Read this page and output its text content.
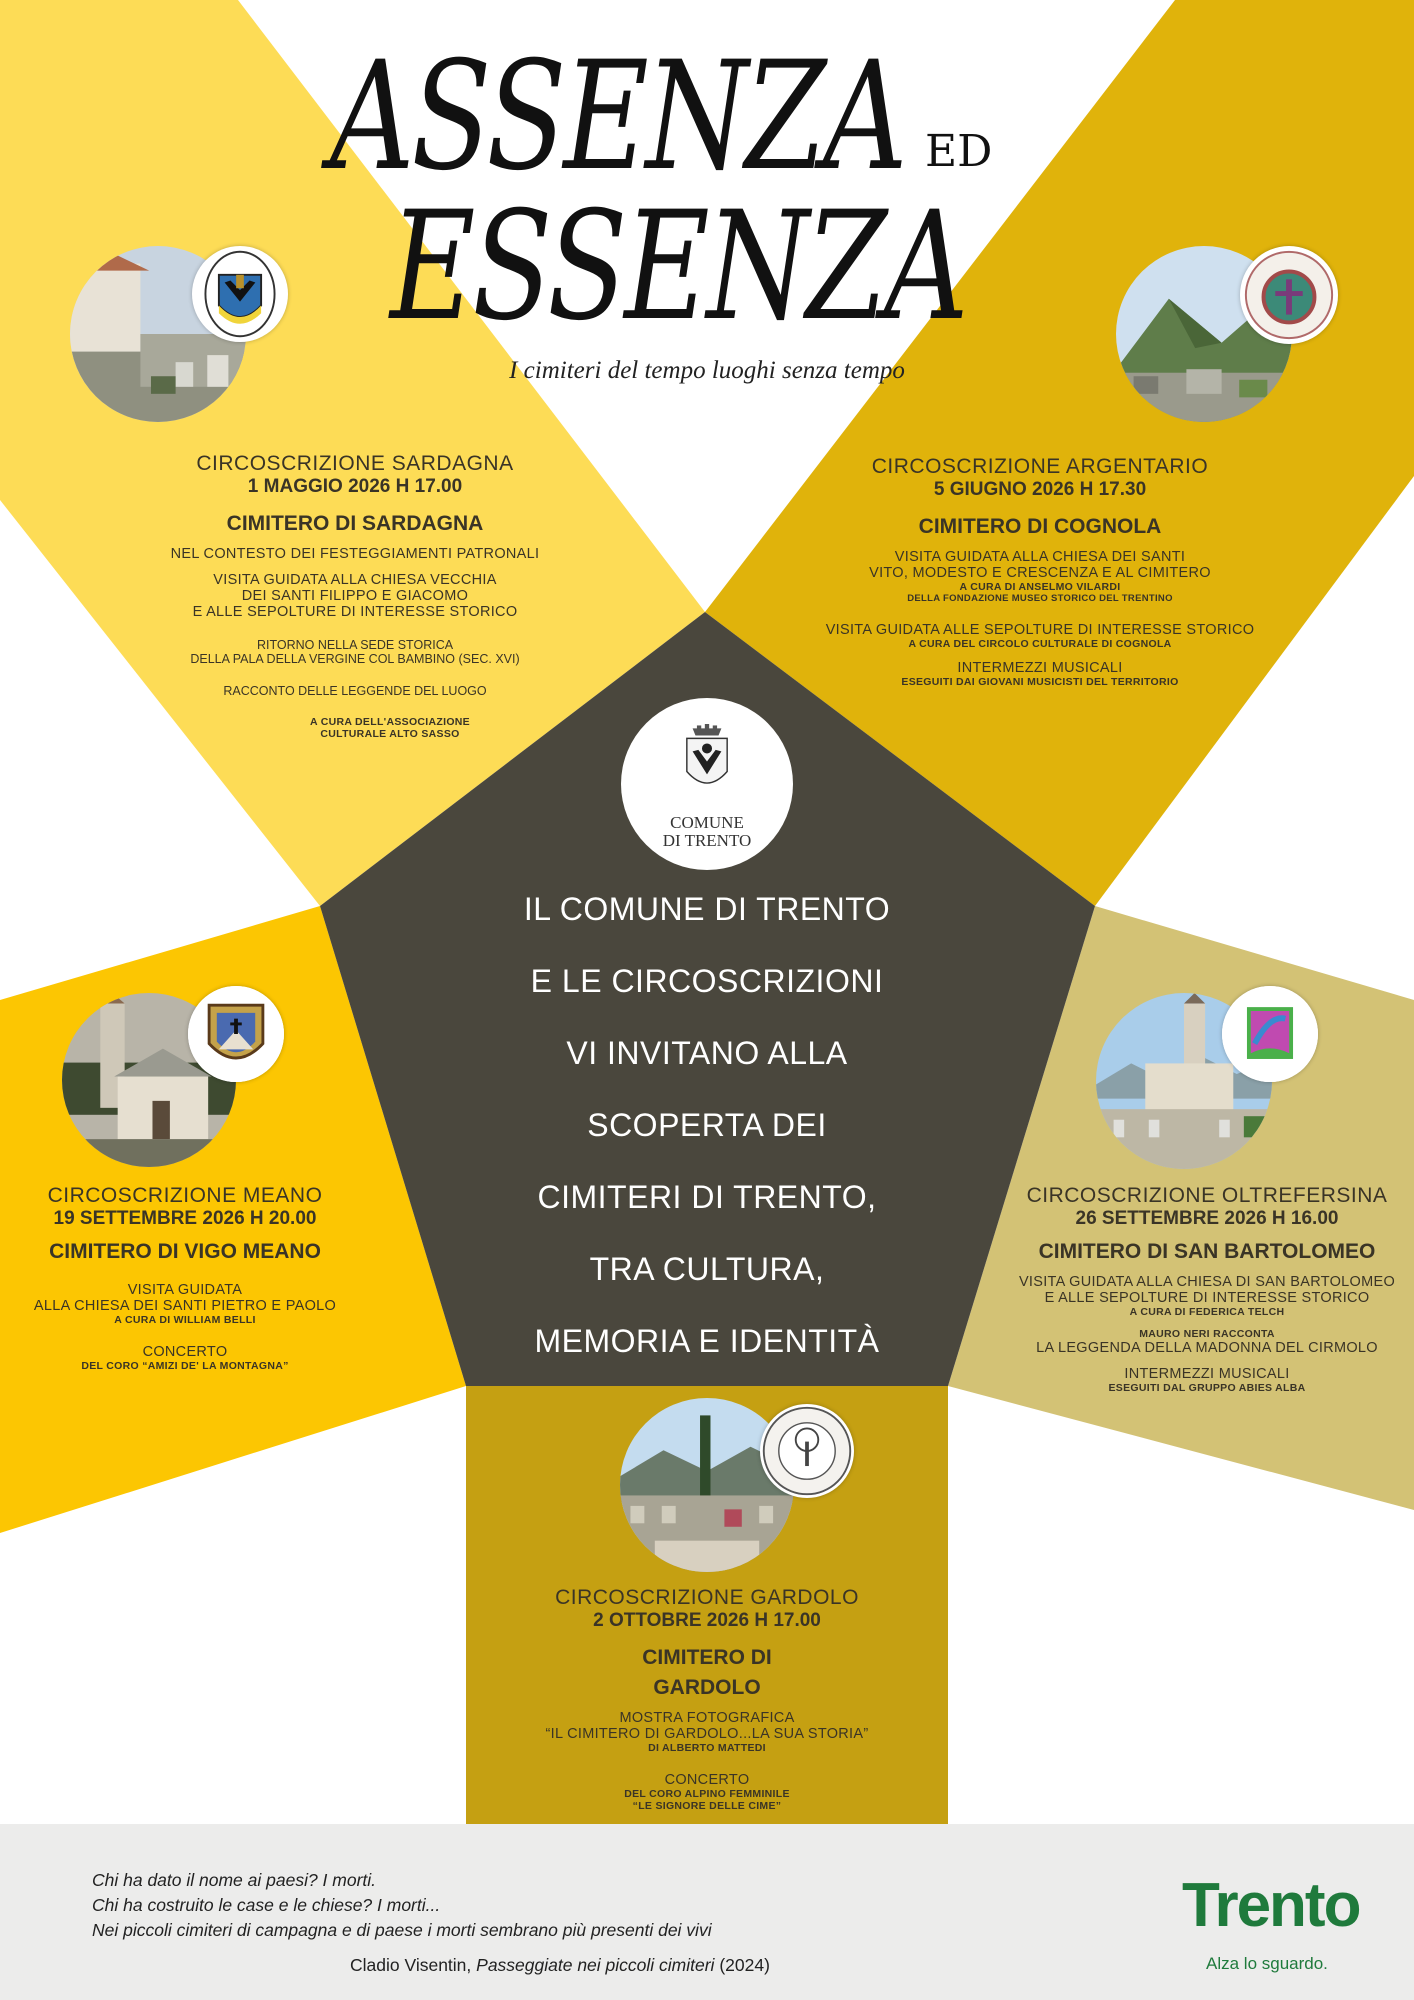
ASSENZA ED
ESSENZA
I cimiteri del tempo luoghi senza tempo
CIRCOSCRIZIONE SARDAGNA
1 MAGGIO 2026 H 17.00
CIMITERO DI SARDAGNA
NEL CONTESTO DEI FESTEGGIAMENTI PATRONALI
VISITA GUIDATA ALLA CHIESA VECCHIA
DEI SANTI FILIPPO E GIACOMO
E ALLE SEPOLTURE DI INTERESSE STORICO
RITORNO NELLA SEDE STORICA
DELLA PALA DELLA VERGINE COL BAMBINO (SEC. XVI)
RACCONTO DELLE LEGGENDE DEL LUOGO
A CURA DELL'ASSOCIAZIONE
CULTURALE ALTO SASSO
CIRCOSCRIZIONE ARGENTARIO
5 GIUGNO 2026 H 17.30
CIMITERO DI COGNOLA
VISITA GUIDATA ALLA CHIESA DEI SANTI
VITO, MODESTO E CRESCENZA E AL CIMITERO
A CURA DI ANSELMO VILARDI
DELLA FONDAZIONE MUSEO STORICO DEL TRENTINO
VISITA GUIDATA ALLE SEPOLTURE DI INTERESSE STORICO
A CURA DEL CIRCOLO CULTURALE DI COGNOLA
INTERMEZZI MUSICALI
ESEGUITI DAI GIOVANI MUSICISTI DEL TERRITORIO
COMUNE
DI TRENTO
IL COMUNE DI TRENTO
E LE CIRCOSCRIZIONI
VI INVITANO ALLA
SCOPERTA DEI
CIMITERI DI TRENTO,
TRA CULTURA,
MEMORIA E IDENTITÀ
CIRCOSCRIZIONE MEANO
19 SETTEMBRE 2026 H 20.00
CIMITERO DI VIGO MEANO
VISITA GUIDATA
ALLA CHIESA DEI SANTI PIETRO E PAOLO
A CURA DI WILLIAM BELLI
CONCERTO
DEL CORO “AMIZI DE' LA MONTAGNA”
CIRCOSCRIZIONE OLTREFERSINA
26 SETTEMBRE 2026 H 16.00
CIMITERO DI SAN BARTOLOMEO
VISITA GUIDATA ALLA CHIESA DI SAN BARTOLOMEO
E ALLE SEPOLTURE DI INTERESSE STORICO
A CURA DI FEDERICA TELCH
MAURO NERI RACCONTA
LA LEGGENDA DELLA MADONNA DEL CIRMOLO
INTERMEZZI MUSICALI
ESEGUITI DAL GRUPPO ABIES ALBA
CIRCOSCRIZIONE GARDOLO
2 OTTOBRE 2026 H 17.00
CIMITERO DI
GARDOLO
MOSTRA FOTOGRAFICA
“IL CIMITERO DI GARDOLO...LA SUA STORIA”
DI ALBERTO MATTEDI
CONCERTO
DEL CORO ALPINO FEMMINILE
“LE SIGNORE DELLE CIME”
Chi ha dato il nome ai paesi? I morti.
Chi ha costruito le case e le chiese? I morti...
Nei piccoli cimiteri di campagna e di paese i morti sembrano più presenti dei vivi
Cladio Visentin, Passeggiate nei piccoli cimiteri (2024)
Trento
Alza lo sguardo.
